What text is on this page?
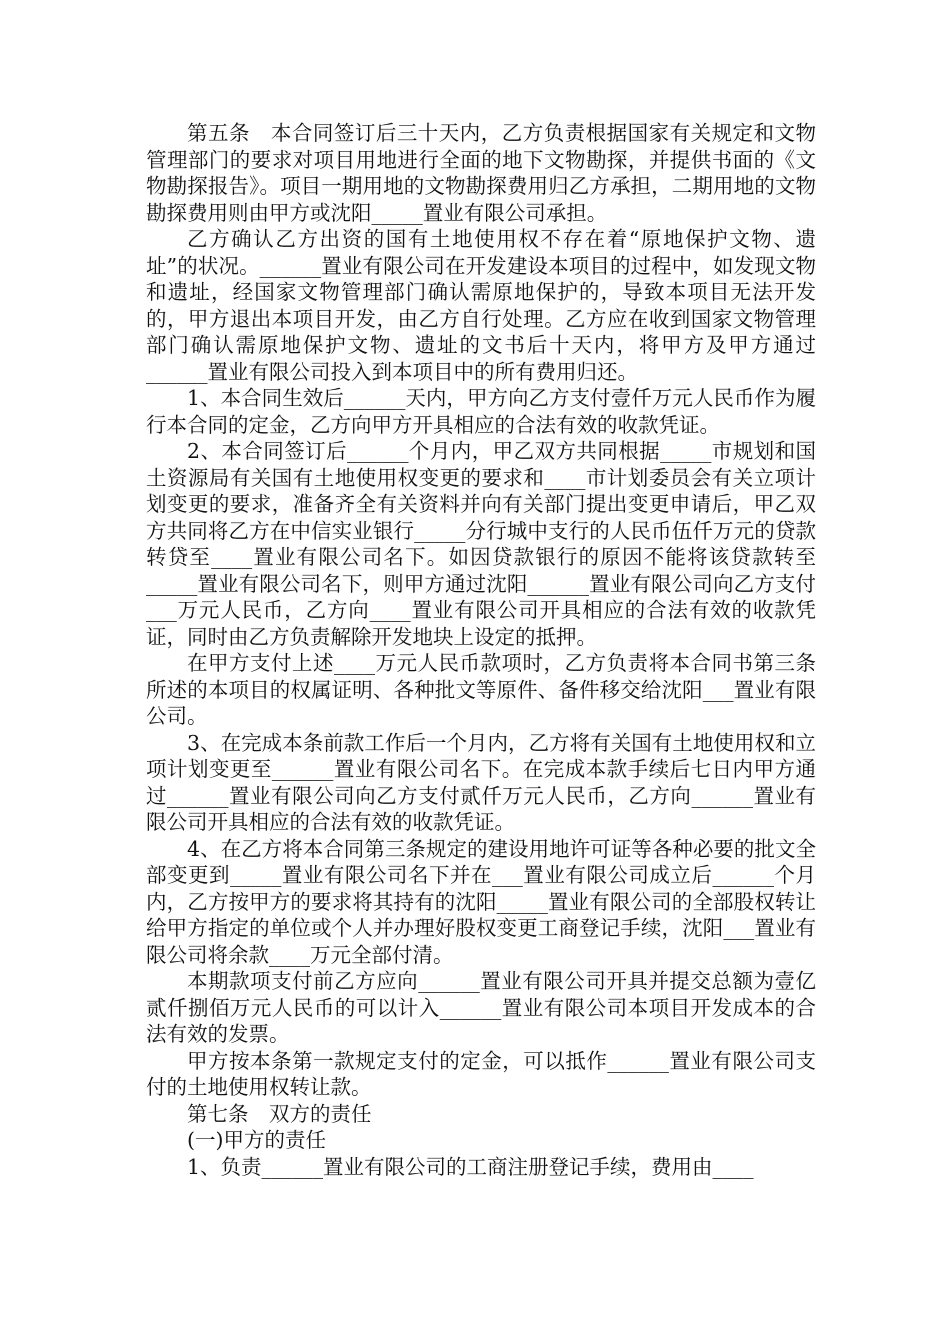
第五条　本合同签订后三十天内，乙方负责根据国家有关规定和文物管理部门的要求对项目用地进行全面的地下文物勘探，并提供书面的《文物勘探报告》。项目一期用地的文物勘探费用归乙方承担，二期用地的文物勘探费用则由甲方或沈阳_____置业有限公司承担。

乙方确认乙方出资的国有土地使用权不存在着“原地保护文物、遗址”的状况。______置业有限公司在开发建设本项目的过程中，如发现文物和遗址，经国家文物管理部门确认需原地保护的，导致本项目无法开发的，甲方退出本项目开发，由乙方自行处理。乙方应在收到国家文物管理部门确认需原地保护文物、遗址的文书后十天内，将甲方及甲方通过______置业有限公司投入到本项目中的所有费用归还。

1、本合同生效后______天内，甲方向乙方支付壹仟万元人民币作为履行本合同的定金，乙方向甲方开具相应的合法有效的收款凭证。

2、本合同签订后______个月内，甲乙双方共同根据_____市规划和国土资源局有关国有土地使用权变更的要求和____市计划委员会有关立项计划变更的要求，准备齐全有关资料并向有关部门提出变更申请后，甲乙双方共同将乙方在中信实业银行_____分行城中支行的人民币伍仟万元的贷款转贷至____置业有限公司名下。如因贷款银行的原因不能将该贷款转至_____置业有限公司名下，则甲方通过沈阳______置业有限公司向乙方支付___万元人民币，乙方向____置业有限公司开具相应的合法有效的收款凭证，同时由乙方负责解除开发地块上设定的抵押。

在甲方支付上述____万元人民币款项时，乙方负责将本合同书第三条所述的本项目的权属证明、各种批文等原件、备件移交给沈阳___置业有限公司。

3、在完成本条前款工作后一个月内，乙方将有关国有土地使用权和立项计划变更至______置业有限公司名下。在完成本款手续后七日内甲方通过______置业有限公司向乙方支付贰仟万元人民币，乙方向______置业有限公司开具相应的合法有效的收款凭证。

4、在乙方将本合同第三条规定的建设用地许可证等各种必要的批文全部变更到_____置业有限公司名下并在___置业有限公司成立后______个月内，乙方按甲方的要求将其持有的沈阳_____置业有限公司的全部股权转让给甲方指定的单位或个人并办理好股权变更工商登记手续，沈阳___置业有限公司将余款____万元全部付清。

本期款项支付前乙方应向______置业有限公司开具并提交总额为壹亿贰仟捌佰万元人民币的可以计入______置业有限公司本项目开发成本的合法有效的发票。

甲方按本条第一款规定支付的定金，可以抵作______置业有限公司支付的土地使用权转让款。

第七条　双方的责任

(一)甲方的责任

1、负责______置业有限公司的工商注册登记手续，费用由____
